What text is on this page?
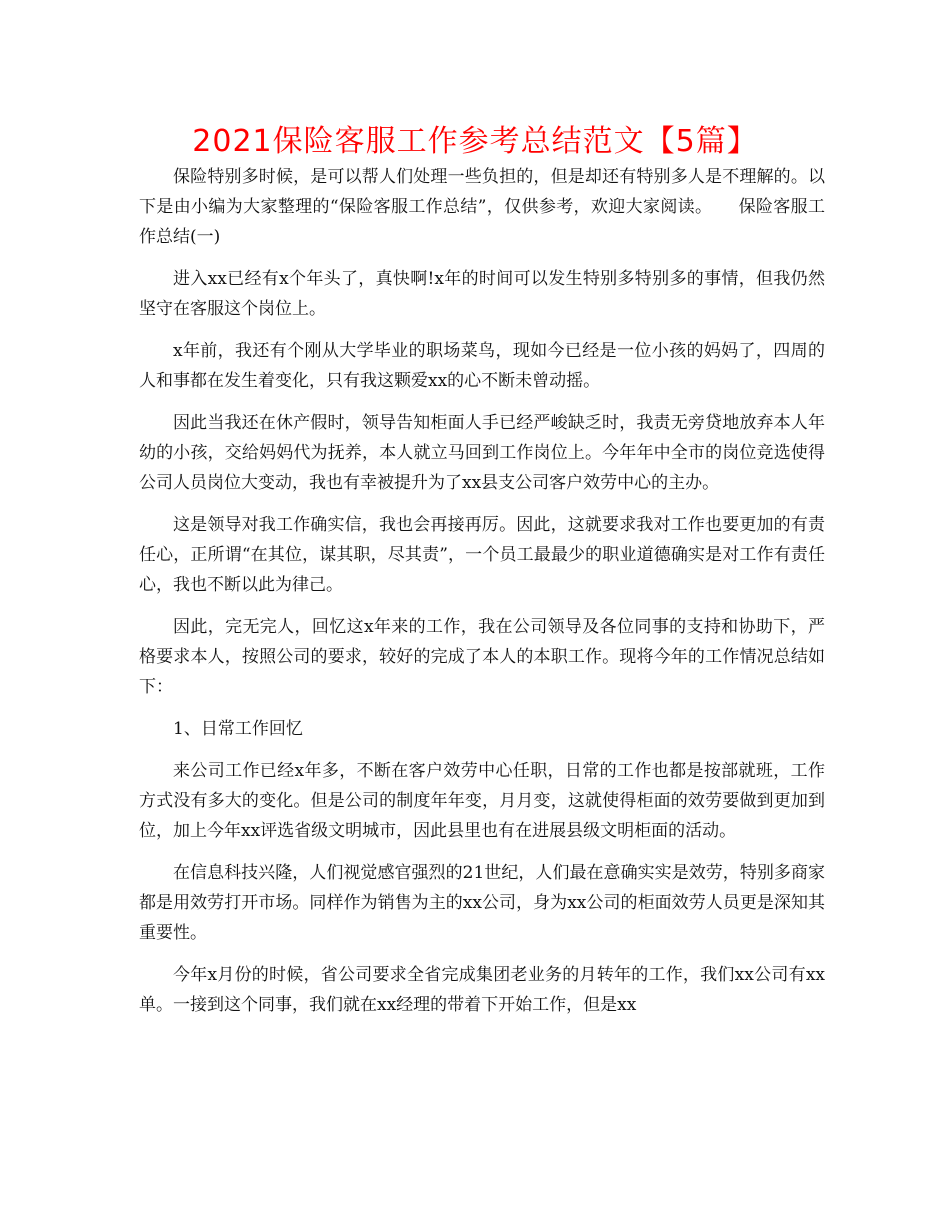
2021保险客服工作参考总结范文【5篇】

保险特别多时候，是可以帮人们处理一些负担的，但是却还有特别多人是不理解的。以下是由小编为大家整理的“保险客服工作总结”，仅供参考，欢迎大家阅读。　　保险客服工作总结(一)

进入xx已经有x个年头了，真快啊!x年的时间可以发生特别多特别多的事情，但我仍然坚守在客服这个岗位上。

x年前，我还有个刚从大学毕业的职场菜鸟，现如今已经是一位小孩的妈妈了，四周的人和事都在发生着变化，只有我这颗爱xx的心不断未曾动摇。

因此当我还在休产假时，领导告知柜面人手已经严峻缺乏时，我责无旁贷地放弃本人年幼的小孩，交给妈妈代为抚养，本人就立马回到工作岗位上。今年年中全市的岗位竞选使得公司人员岗位大变动，我也有幸被提升为了xx县支公司客户效劳中心的主办。

这是领导对我工作确实信，我也会再接再厉。因此，这就要求我对工作也要更加的有责任心，正所谓“在其位，谋其职，尽其责”，一个员工最最少的职业道德确实是对工作有责任心，我也不断以此为律己。

因此，完无完人，回忆这x年来的工作，我在公司领导及各位同事的支持和协助下，严格要求本人，按照公司的要求，较好的完成了本人的本职工作。现将今年的工作情况总结如下：

1、日常工作回忆

来公司工作已经x年多，不断在客户效劳中心任职，日常的工作也都是按部就班，工作方式没有多大的变化。但是公司的制度年年变，月月变，这就使得柜面的效劳要做到更加到位，加上今年xx评选省级文明城市，因此县里也有在进展县级文明柜面的活动。

在信息科技兴隆，人们视觉感官强烈的21世纪，人们最在意确实实是效劳，特别多商家都是用效劳打开市场。同样作为销售为主的xx公司，身为xx公司的柜面效劳人员更是深知其重要性。

今年x月份的时候，省公司要求全省完成集团老业务的月转年的工作，我们xx公司有xx单。一接到这个同事，我们就在xx经理的带着下开始工作，但是xx
